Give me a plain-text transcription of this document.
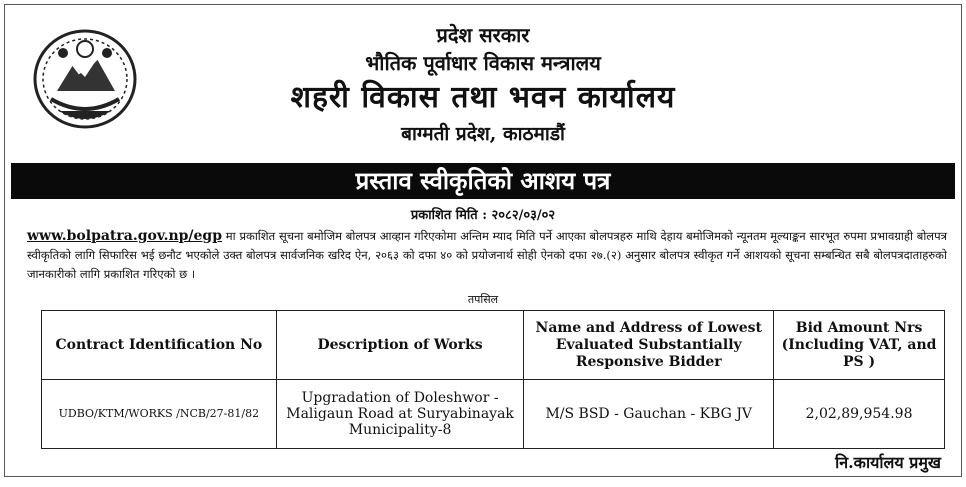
प्रदेश सरकार
भौतिक पूर्वाधार विकास मन्त्रालय
शहरी विकास तथा भवन कार्यालय
बाग्मती प्रदेश, काठमाडौं
प्रस्ताव स्वीकृतिको आशय पत्र
प्रकाशित मिति : २०८२/०३/०२
www.bolpatra.gov.np/egp मा प्रकाशित सूचना बमोजिम बोलपत्र आव्हान गरिएकोमा अन्तिम म्याद मिति पर्ने आएका बोलपत्रहरु माथि देहाय बमोजिमको न्यूनतम मूल्याङ्कन सारभूत रुपमा प्रभावग्राही बोलपत्र स्वीकृतिको लागि सिफारिस भई छनौट भएकोले उक्त बोलपत्र सार्वजनिक खरिद ऐन, २०६३ को दफा ४० को प्रयोजनार्थ सोही ऐनको दफा २७.(२) अनुसार बोलपत्र स्वीकृत गर्ने आशयको सूचना सम्बन्धित सबै बोलपत्रदाताहरुको जानकारीको लागि प्रकाशित गरिएको छ ।
तपसिल
Contract Identification No	Description of Works	Name and Address of Lowest Evaluated Substantially Responsive Bidder	Bid Amount Nrs (Including VAT, and PS )
UDBO/KTM/WORKS /NCB/27-81/82	Upgradation of Doleshwor -Maligaun Road at Suryabinayak Municipality-8	M/S BSD - Gauchan - KBG JV	2,02,89,954.98
नि.कार्यालय प्रमुख
